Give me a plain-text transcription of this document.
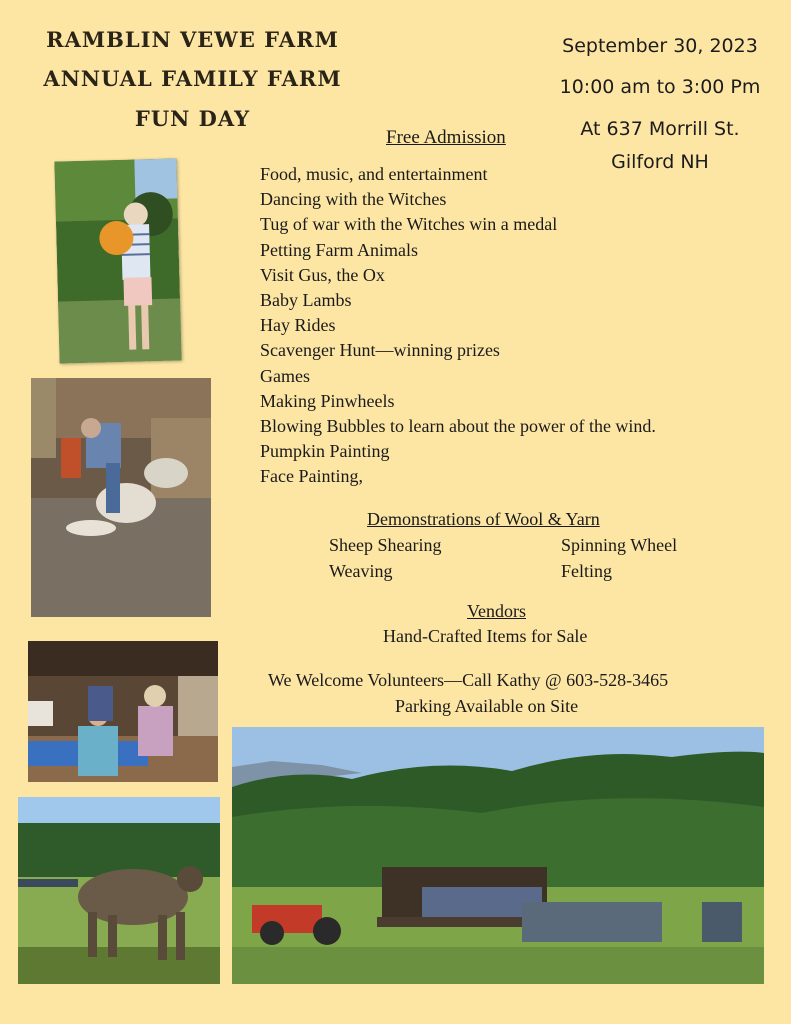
RAMBLIN VEWE FARM
ANNUAL FAMILY FARM
FUN DAY

September 30, 2023

10:00 am to 3:00 Pm

At 637 Morrill St.

Gilford NH

Free Admission

Food, music, and entertainment
Dancing with the Witches
Tug of war with the Witches win a medal
Petting Farm Animals
Visit Gus, the Ox
Baby Lambs
Hay Rides
Scavenger Hunt—winning prizes
Games
Making Pinwheels
Blowing Bubbles to learn about the power of the wind.
Pumpkin Painting
Face Painting,

Demonstrations of Wool & Yarn

Sheep Shearing	Spinning Wheel

Weaving	Felting

Vendors

Hand-Crafted Items for Sale

We Welcome Volunteers—Call Kathy @ 603-528-3465

Parking Available on Site
